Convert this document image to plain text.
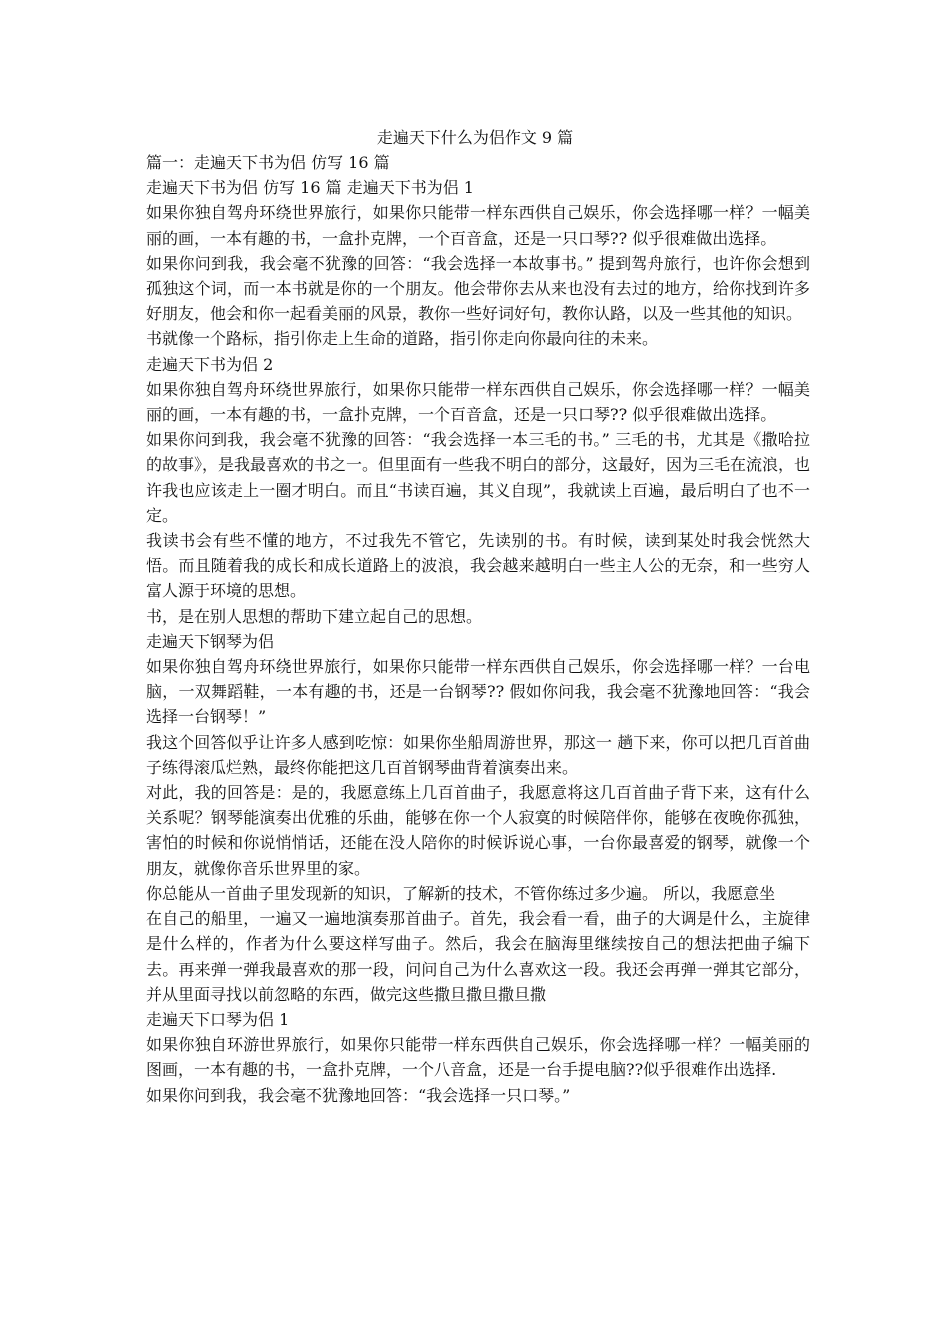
走遍天下什么为侣作文 9 篇

篇一：走遍天下书为侣 仿写 16 篇

走遍天下书为侣 仿写 16 篇 走遍天下书为侣 1

如果你独自驾舟环绕世界旅行，如果你只能带一样东西供自己娱乐，你会选择哪一样？一幅美丽的画，一本有趣的书，一盒扑克牌，一个百音盒，还是一只口琴?? 似乎很难做出选择。

如果你问到我，我会毫不犹豫的回答：“我会选择一本故事书。” 提到驾舟旅行，也许你会想到孤独这个词，而一本书就是你的一个朋友。他会带你去从来也没有去过的地方，给你找到许多好朋友，他会和你一起看美丽的风景，教你一些好词好句，教你认路，以及一些其他的知识。

书就像一个路标，指引你走上生命的道路，指引你走向你最向往的未来。

走遍天下书为侣 2

如果你独自驾舟环绕世界旅行，如果你只能带一样东西供自己娱乐，你会选择哪一样？一幅美丽的画，一本有趣的书，一盒扑克牌，一个百音盒，还是一只口琴?? 似乎很难做出选择。

如果你问到我，我会毫不犹豫的回答：“我会选择一本三毛的书。” 三毛的书，尤其是《撒哈拉的故事》，是我最喜欢的书之一。但里面有一些我不明白的部分，这最好，因为三毛在流浪，也许我也应该走上一圈才明白。而且“书读百遍，其义自现”，我就读上百遍，最后明白了也不一定。

我读书会有些不懂的地方，不过我先不管它，先读别的书。有时候，读到某处时我会恍然大悟。而且随着我的成长和成长道路上的波浪，我会越来越明白一些主人公的无奈，和一些穷人富人源于环境的思想。

书，是在别人思想的帮助下建立起自己的思想。

走遍天下钢琴为侣

如果你独自驾舟环绕世界旅行，如果你只能带一样东西供自己娱乐，你会选择哪一样？一台电脑，一双舞蹈鞋，一本有趣的书，还是一台钢琴?? 假如你问我，我会毫不犹豫地回答：“我会选择一台钢琴！”

我这个回答似乎让许多人感到吃惊：如果你坐船周游世界，那这一 趟下来，你可以把几百首曲子练得滚瓜烂熟，最终你能把这几百首钢琴曲背着演奏出来。

对此，我的回答是：是的，我愿意练上几百首曲子，我愿意将这几百首曲子背下来，这有什么关系呢？钢琴能演奏出优雅的乐曲，能够在你一个人寂寞的时候陪伴你，能够在夜晚你孤独， 害怕的时候和你说悄悄话，还能在没人陪你的时候诉说心事，一台你最喜爱的钢琴，就像一个朋友，就像你音乐世界里的家。

你总能从一首曲子里发现新的知识，了解新的技术，不管你练过多少遍。 所以，我愿意坐

在自己的船里，一遍又一遍地演奏那首曲子。首先，我会看一看，曲子的大调是什么，主旋律是什么样的，作者为什么要这样写曲子。然后，我会在脑海里继续按自己的想法把曲子编下去。再来弹一弹我最喜欢的那一段，问问自己为什么喜欢这一段。我还会再弹一弹其它部分，并从里面寻找以前忽略的东西，做完这些撒旦撒旦撒旦撒

走遍天下口琴为侣 1

如果你独自环游世界旅行，如果你只能带一样东西供自己娱乐，你会选择哪一样？一幅美丽的图画，一本有趣的书，一盒扑克牌，一个八音盒，还是一台手提电脑??似乎很难作出选择.

如果你问到我，我会毫不犹豫地回答：“我会选择一只口琴。”
